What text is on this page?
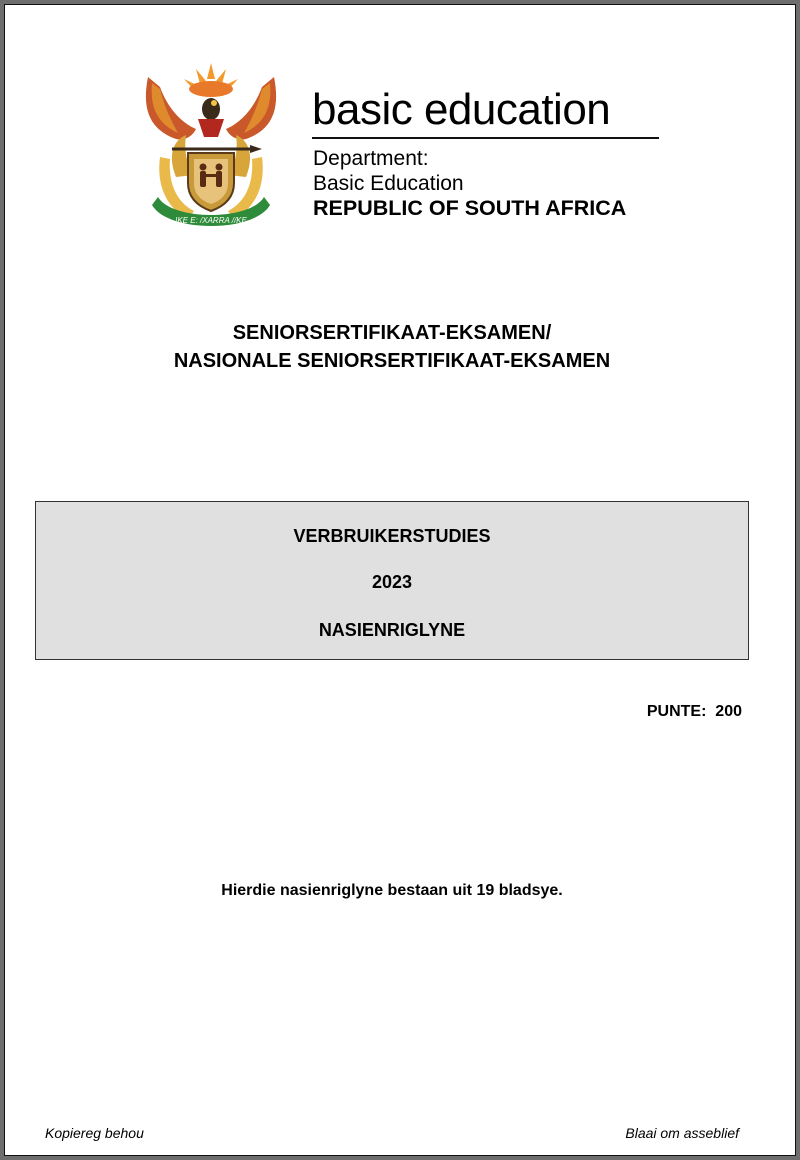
!KE E: /XARRA //KE
basic education
Department:
Basic Education
REPUBLIC OF SOUTH AFRICA
SENIORSERTIFIKAAT-EKSAMEN/
NASIONALE SENIORSERTIFIKAAT-EKSAMEN
VERBRUIKERSTUDIES
2023
NASIENRIGLYNE
PUNTE:  200
Hierdie nasienriglyne bestaan uit 19 bladsye.
Kopiereg behou	Blaai om asseblief
